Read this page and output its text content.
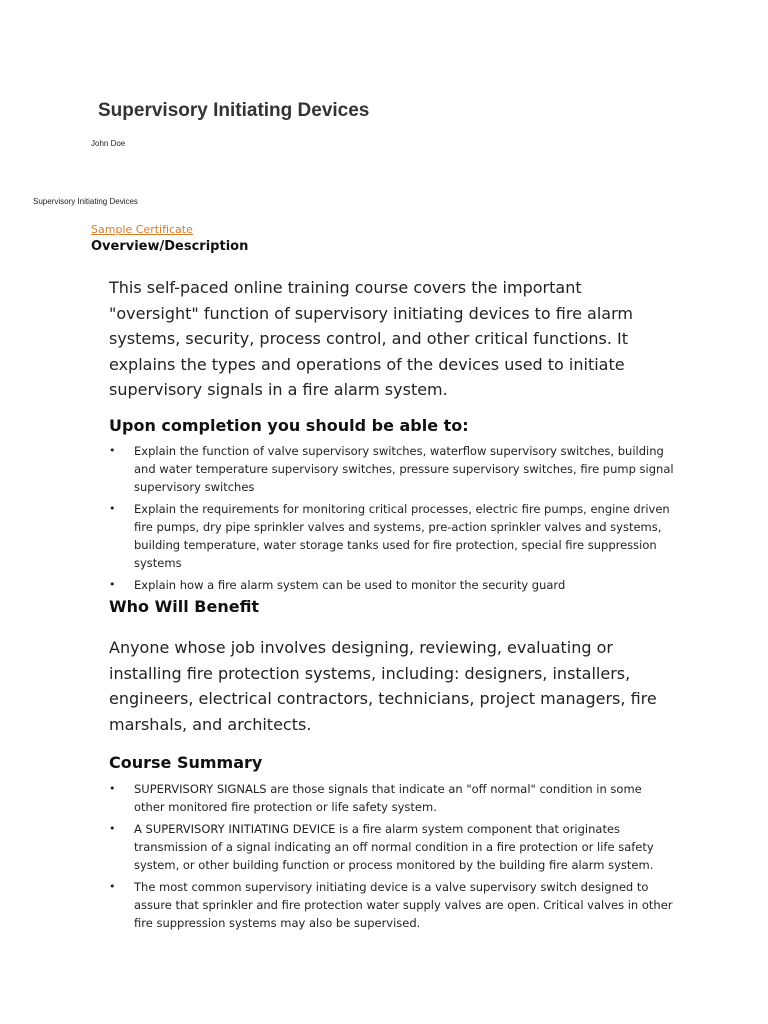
Supervisory Initiating Devices
John Doe
Supervisory Initiating Devices
Sample Certificate
Overview/Description
This self-paced online training course covers the important "oversight" function of supervisory initiating devices to fire alarm systems, security, process control, and other critical functions. It explains the types and operations of the devices used to initiate supervisory signals in a fire alarm system.
Upon completion you should be able to:
• Explain the function of valve supervisory switches, waterflow supervisory switches, building and water temperature supervisory switches, pressure supervisory switches, fire pump signal supervisory switches
• Explain the requirements for monitoring critical processes, electric fire pumps, engine driven fire pumps, dry pipe sprinkler valves and systems, pre-action sprinkler valves and systems, building temperature, water storage tanks used for fire protection, special fire suppression systems
• Explain how a fire alarm system can be used to monitor the security guard
Who Will Benefit
Anyone whose job involves designing, reviewing, evaluating or installing fire protection systems, including: designers, installers, engineers, electrical contractors, technicians, project managers, fire marshals, and architects.
Course Summary
• SUPERVISORY SIGNALS are those signals that indicate an "off normal" condition in some other monitored fire protection or life safety system.
• A SUPERVISORY INITIATING DEVICE is a fire alarm system component that originates transmission of a signal indicating an off normal condition in a fire protection or life safety system, or other building function or process monitored by the building fire alarm system.
• The most common supervisory initiating device is a valve supervisory switch designed to assure that sprinkler and fire protection water supply valves are open. Critical valves in other fire suppression systems may also be supervised.
